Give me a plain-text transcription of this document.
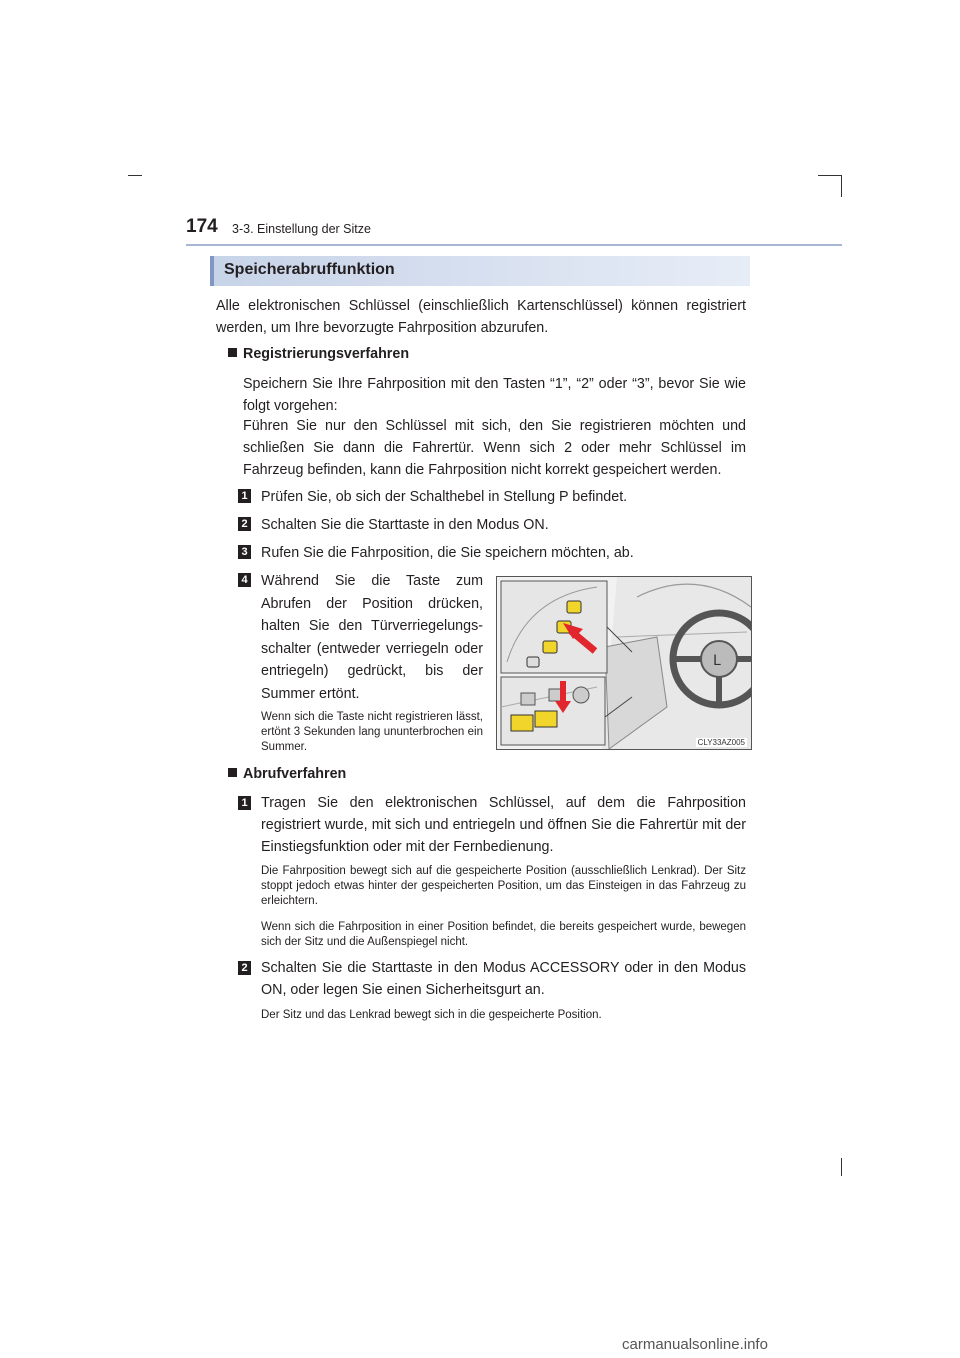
174 3-3. Einstellung der Sitze
Speicherabruffunktion
Alle elektronischen Schlüssel (einschließlich Kartenschlüssel) können registriert werden, um Ihre bevorzugte Fahrposition abzurufen.
Registrierungsverfahren
Speichern Sie Ihre Fahrposition mit den Tasten “1”, “2” oder “3”, bevor Sie wie folgt vorgehen:
Führen Sie nur den Schlüssel mit sich, den Sie registrieren möchten und schließen Sie dann die Fahrertür. Wenn sich 2 oder mehr Schlüssel im Fahrzeug befinden, kann die Fahrposition nicht korrekt gespeichert werden.
1 Prüfen Sie, ob sich der Schalthebel in Stellung P befindet.
2 Schalten Sie die Starttaste in den Modus ON.
3 Rufen Sie die Fahrposition, die Sie speichern möchten, ab.
4 Während Sie die Taste zum Abrufen der Position drücken, halten Sie den Türverriegelungs-schalter (entweder verriegeln oder entriegeln) gedrückt, bis der Summer ertönt.
Wenn sich die Taste nicht registrieren lässt, ertönt 3 Sekunden lang ununterbrochen ein Summer.
L
CLY33AZ005
Abrufverfahren
1 Tragen Sie den elektronischen Schlüssel, auf dem die Fahrposition registriert wurde, mit sich und entriegeln und öffnen Sie die Fahrertür mit der Einstiegsfunktion oder mit der Fernbedienung.
Die Fahrposition bewegt sich auf die gespeicherte Position (ausschließlich Lenkrad). Der Sitz stoppt jedoch etwas hinter der gespeicherten Position, um das Einsteigen in das Fahrzeug zu erleichtern.
Wenn sich die Fahrposition in einer Position befindet, die bereits gespeichert wurde, bewegen sich der Sitz und die Außenspiegel nicht.
2 Schalten Sie die Starttaste in den Modus ACCESSORY oder in den Modus ON, oder legen Sie einen Sicherheitsgurt an.
Der Sitz und das Lenkrad bewegt sich in die gespeicherte Position.
carmanualsonline.info
